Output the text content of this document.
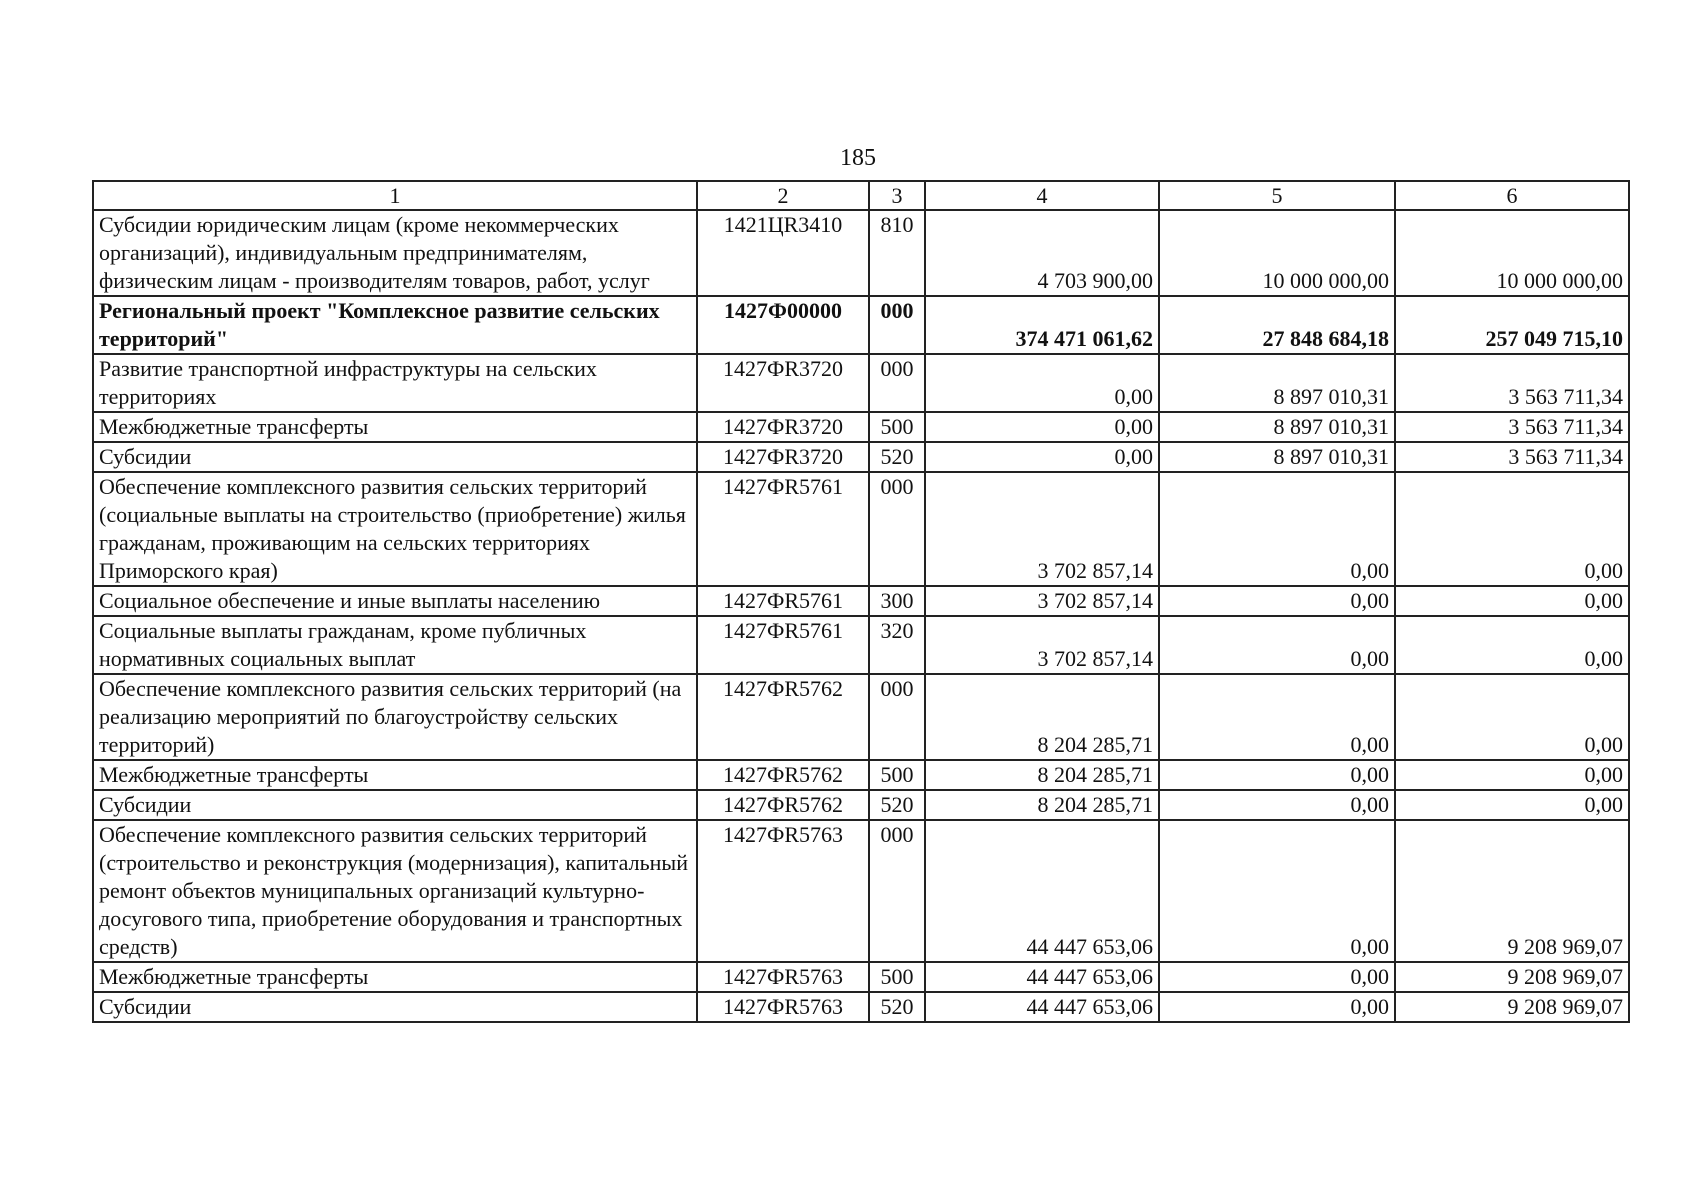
185
1	2	3	4	5	6
Субсидии юридическим лицам (кроме некоммерческих организаций), индивидуальным предпринимателям, физическим лицам - производителям товаров, работ, услуг	1421ЦR3410	810	4 703 900,00	10 000 000,00	10 000 000,00
Региональный проект "Комплексное развитие сельских территорий"	1427Ф00000	000	374 471 061,62	27 848 684,18	257 049 715,10
Развитие транспортной инфраструктуры на сельских территориях	1427ФR3720	000	0,00	8 897 010,31	3 563 711,34
Межбюджетные трансферты	1427ФR3720	500	0,00	8 897 010,31	3 563 711,34
Субсидии	1427ФR3720	520	0,00	8 897 010,31	3 563 711,34
Обеспечение комплексного развития сельских территорий (социальные выплаты на строительство (приобретение) жилья гражданам, проживающим на сельских территориях Приморского края)	1427ФR5761	000	3 702 857,14	0,00	0,00
Социальное обеспечение и иные выплаты населению	1427ФR5761	300	3 702 857,14	0,00	0,00
Социальные выплаты гражданам, кроме публичных нормативных социальных выплат	1427ФR5761	320	3 702 857,14	0,00	0,00
Обеспечение комплексного развития сельских территорий (на реализацию мероприятий по благоустройству сельских территорий)	1427ФR5762	000	8 204 285,71	0,00	0,00
Межбюджетные трансферты	1427ФR5762	500	8 204 285,71	0,00	0,00
Субсидии	1427ФR5762	520	8 204 285,71	0,00	0,00
Обеспечение комплексного развития сельских территорий (строительство и реконструкция (модернизация), капитальный ремонт объектов муниципальных организаций культурно-досугового типа, приобретение оборудования и транспортных средств)	1427ФR5763	000	44 447 653,06	0,00	9 208 969,07
Межбюджетные трансферты	1427ФR5763	500	44 447 653,06	0,00	9 208 969,07
Субсидии	1427ФR5763	520	44 447 653,06	0,00	9 208 969,07
